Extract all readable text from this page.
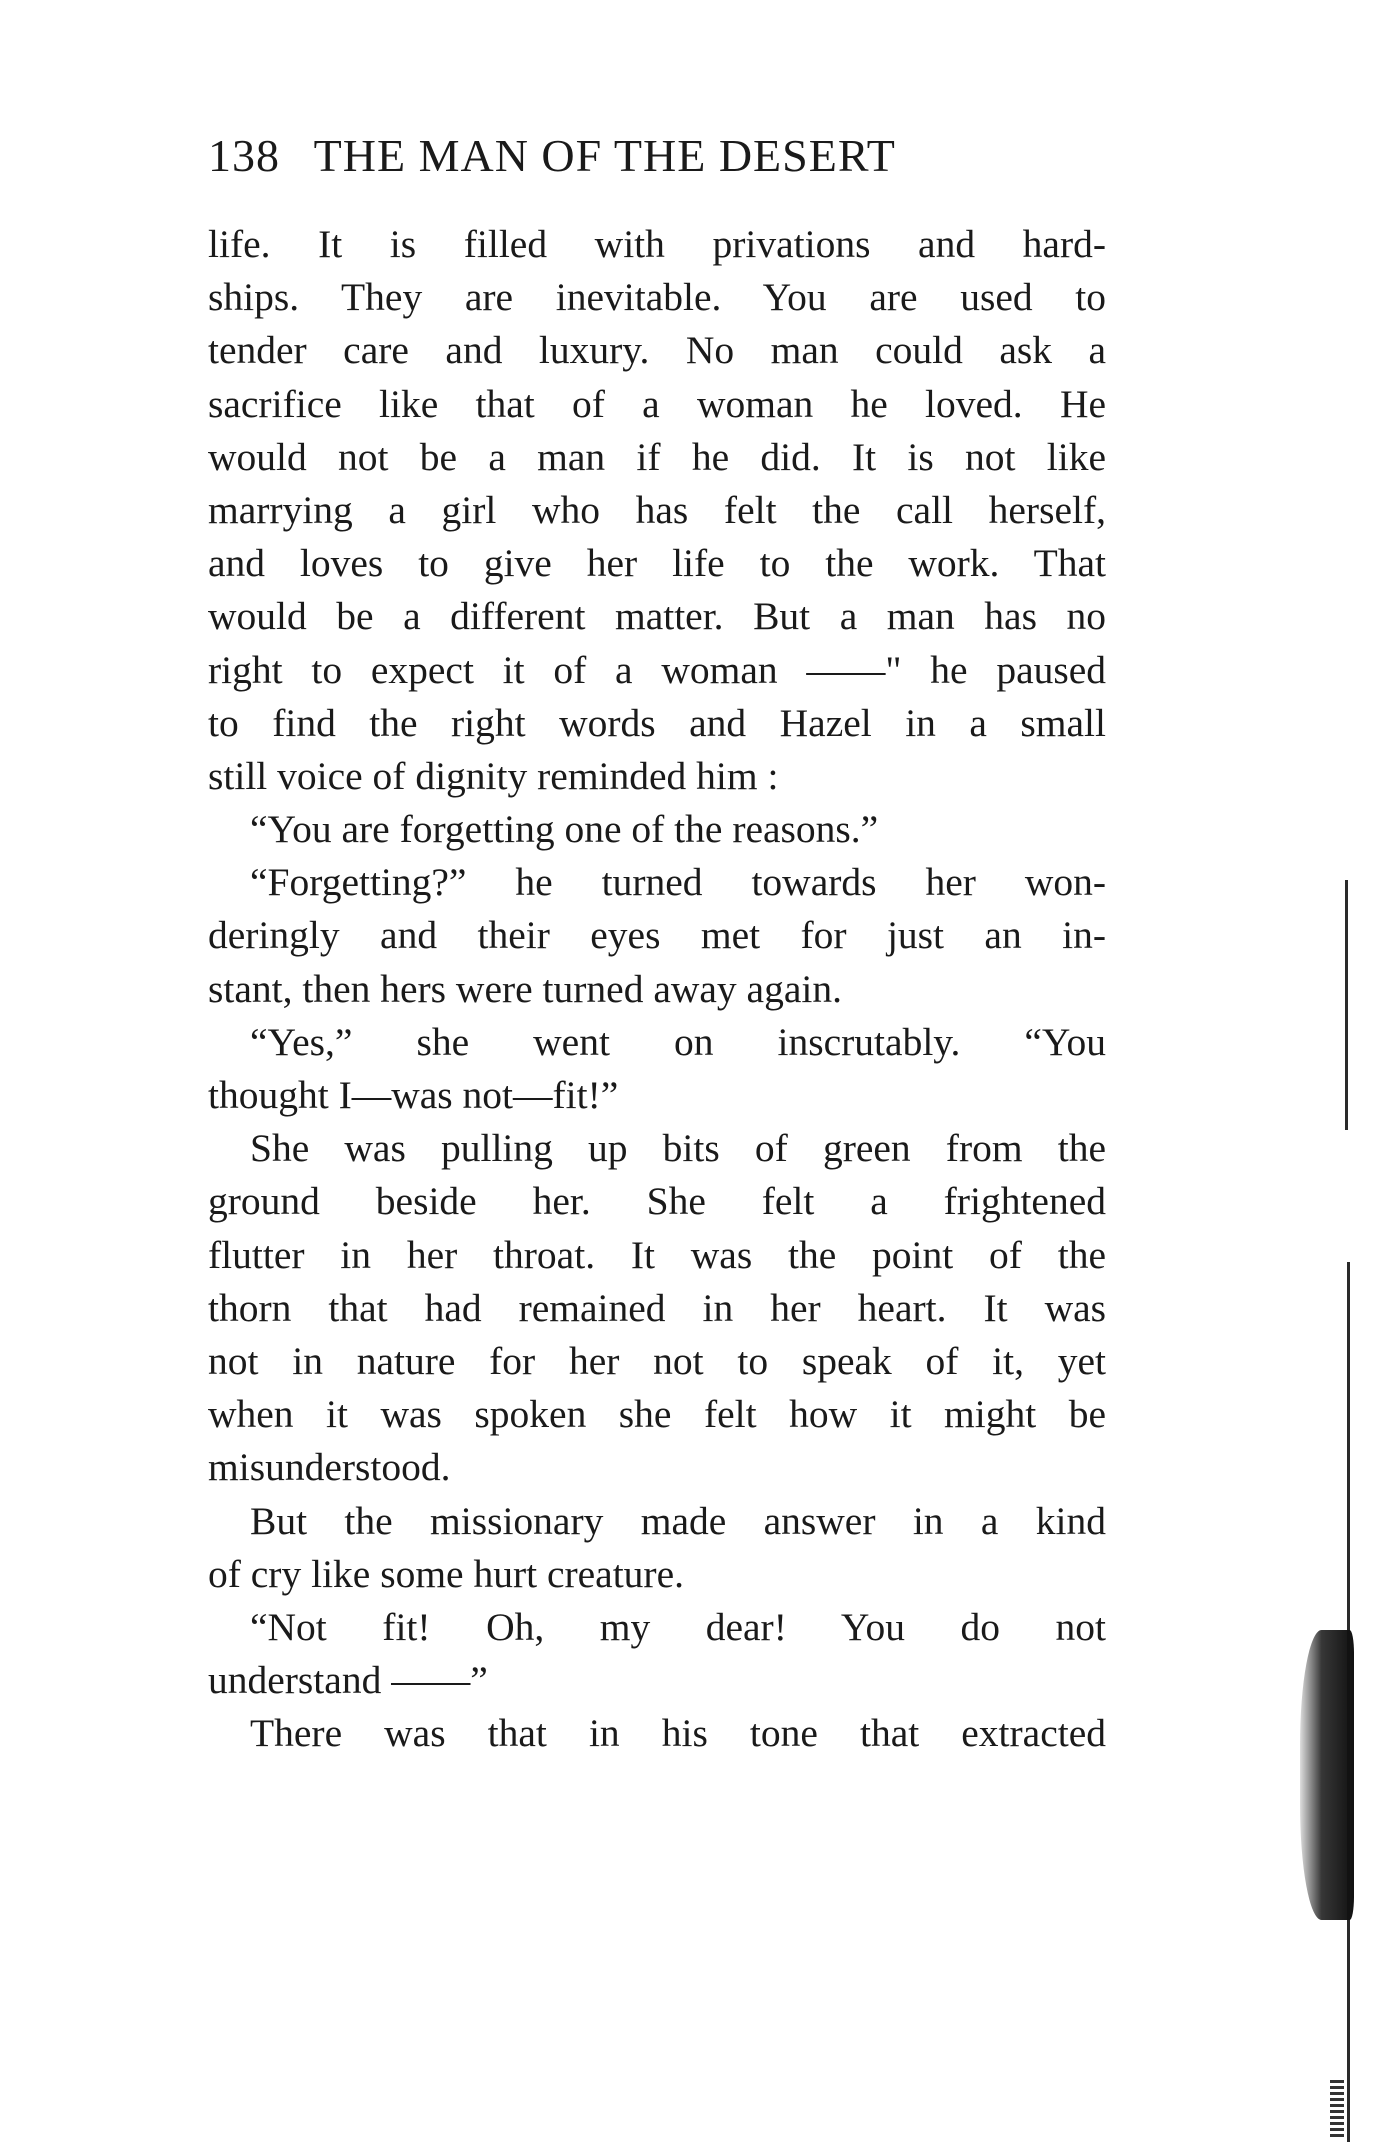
138 THE MAN OF THE DESERT
life. It is filled with privations and hard-
ships. They are inevitable. You are used to
tender care and luxury. No man could ask a
sacrifice like that of a woman he loved. He
would not be a man if he did. It is not like
marrying a girl who has felt the call herself,
and loves to give her life to the work. That
would be a different matter. But a man has no
right to expect it of a woman ——" he paused
to find the right words and Hazel in a small
still voice of dignity reminded him :
“You are forgetting one of the reasons.”
“Forgetting?” he turned towards her won-
deringly and their eyes met for just an in-
stant, then hers were turned away again.
“Yes,” she went on inscrutably. “You
thought I—was not—fit!”
She was pulling up bits of green from the
ground beside her. She felt a frightened
flutter in her throat. It was the point of the
thorn that had remained in her heart. It was
not in nature for her not to speak of it, yet
when it was spoken she felt how it might be
misunderstood.
But the missionary made answer in a kind
of cry like some hurt creature.
“Not fit! Oh, my dear! You do not
understand ——”
There was that in his tone that extracted
